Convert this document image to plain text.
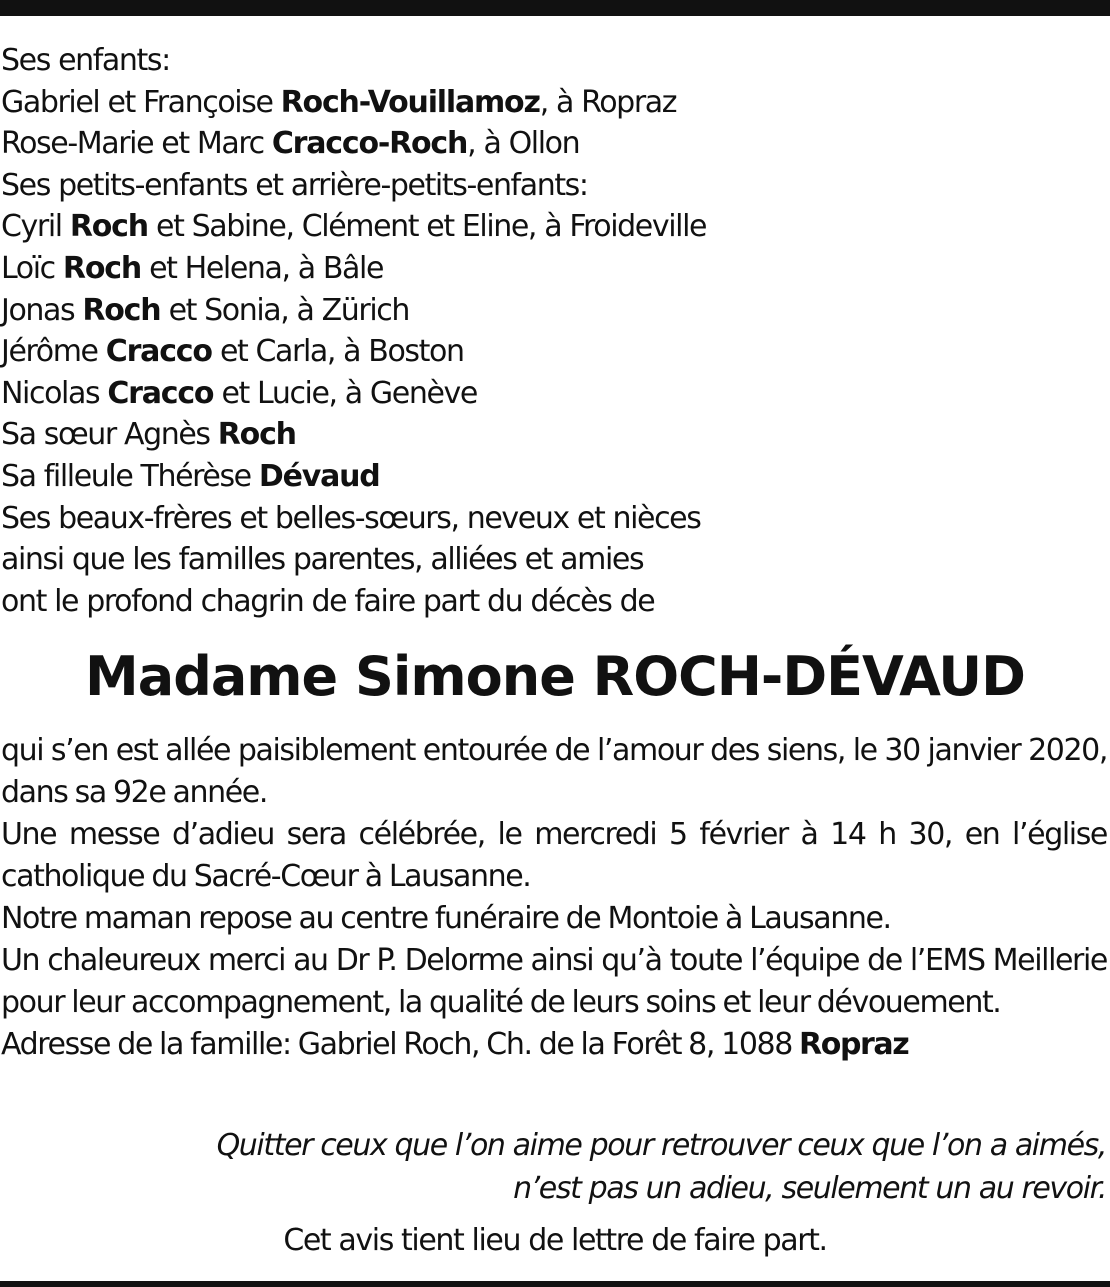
Ses enfants:
Gabriel et Françoise Roch-Vouillamoz, à Ropraz
Rose-Marie et Marc Cracco-Roch, à Ollon
Ses petits-enfants et arrière-petits-enfants:
Cyril Roch et Sabine, Clément et Eline, à Froideville
Loïc Roch et Helena, à Bâle
Jonas Roch et Sonia, à Zürich
Jérôme Cracco et Carla, à Boston
Nicolas Cracco et Lucie, à Genève
Sa sœur Agnès Roch
Sa filleule Thérèse Dévaud
Ses beaux-frères et belles-sœurs, neveux et nièces
ainsi que les familles parentes, alliées et amies
ont le profond chagrin de faire part du décès de
Madame Simone ROCH-DÉVAUD
qui s’en est allée paisiblement entourée de l’amour des siens, le 30 janvier 2020, dans sa 92e année.
Une messe d’adieu sera célébrée, le mercredi 5 février à 14 h 30, en l’église catholique du Sacré-Cœur à Lausanne.
Notre maman repose au centre funéraire de Montoie à Lausanne.
Un chaleureux merci au Dr P. Delorme ainsi qu’à toute l’équipe de l’EMS Meillerie pour leur accompagnement, la qualité de leurs soins et leur dévouement.
Adresse de la famille: Gabriel Roch, Ch. de la Forêt 8, 1088 Ropraz
Quitter ceux que l’on aime pour retrouver ceux que l’on a aimés,
n’est pas un adieu, seulement un au revoir.
Cet avis tient lieu de lettre de faire part.
